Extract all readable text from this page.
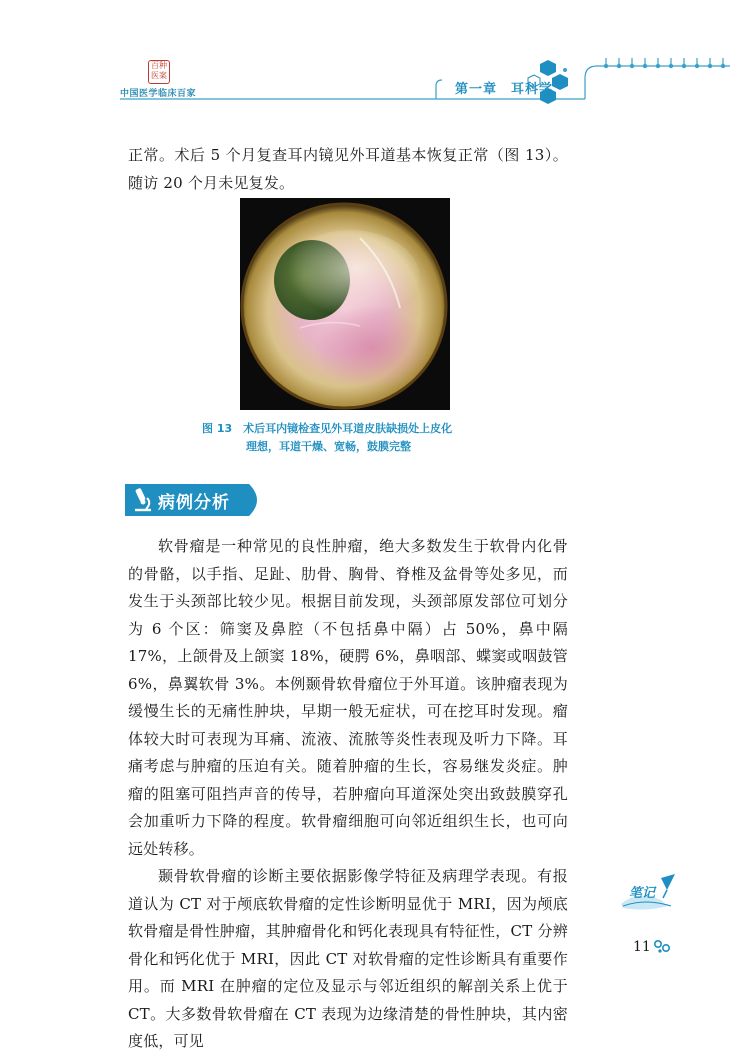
百种
医案
中国医学临床百家	第一章　耳科学

正常。术后 5 个月复查耳内镜见外耳道基本恢复正常（图 13）。随访 20 个月未见复发。

图 13　术后耳内镜检查见外耳道皮肤缺损处上皮化
理想，耳道干燥、宽畅，鼓膜完整
病例分析

软骨瘤是一种常见的良性肿瘤，绝大多数发生于软骨内化骨的骨骼，以手指、足趾、肋骨、胸骨、脊椎及盆骨等处多见，而发生于头颈部比较少见。根据目前发现，头颈部原发部位可划分为 6 个区：筛窦及鼻腔（不包括鼻中隔）占 50%，鼻中隔 17%，上颌骨及上颌窦 18%，硬腭 6%，鼻咽部、蝶窦或咽鼓管 6%，鼻翼软骨 3%。本例颞骨软骨瘤位于外耳道。该肿瘤表现为缓慢生长的无痛性肿块，早期一般无症状，可在挖耳时发现。瘤体较大时可表现为耳痛、流液、流脓等炎性表现及听力下降。耳痛考虑与肿瘤的压迫有关。随着肿瘤的生长，容易继发炎症。肿瘤的阻塞可阻挡声音的传导，若肿瘤向耳道深处突出致鼓膜穿孔会加重听力下降的程度。软骨瘤细胞可向邻近组织生长，也可向远处转移。

颞骨软骨瘤的诊断主要依据影像学特征及病理学表现。有报道认为 CT 对于颅底软骨瘤的定性诊断明显优于 MRI，因为颅底软骨瘤是骨性肿瘤，其肿瘤骨化和钙化表现具有特征性，CT 分辨骨化和钙化优于 MRI，因此 CT 对软骨瘤的定性诊断具有重要作用。而 MRI 在肿瘤的定位及显示与邻近组织的解剖关系上优于 CT。大多数骨软骨瘤在 CT 表现为边缘清楚的骨性肿块，其内密度低，可见

笔记
11
